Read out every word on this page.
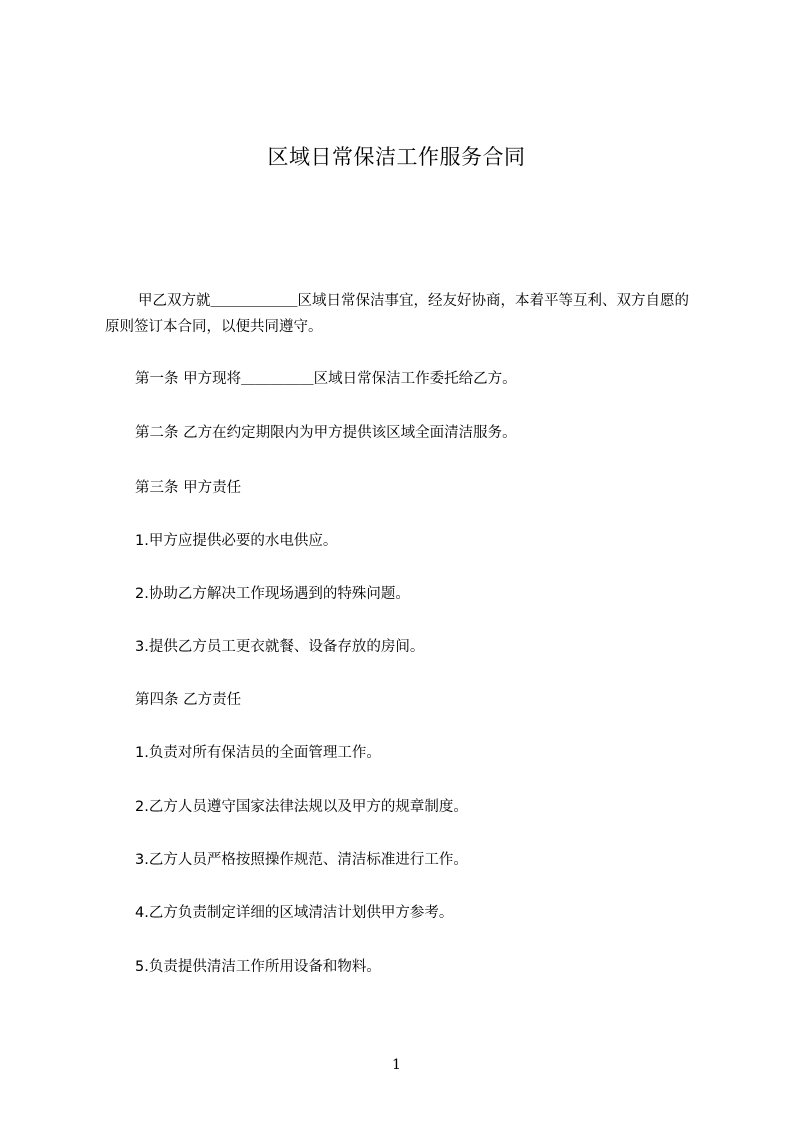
区域日常保洁工作服务合同

甲乙双方就＿＿＿＿＿＿区域日常保洁事宜，经友好协商，本着平等互利、双方自愿的原则签订本合同，以便共同遵守。

第一条 甲方现将＿＿＿＿＿区域日常保洁工作委托给乙方。

第二条 乙方在约定期限内为甲方提供该区域全面清洁服务。

第三条 甲方责任

1.甲方应提供必要的水电供应。

2.协助乙方解决工作现场遇到的特殊问题。

3.提供乙方员工更衣就餐、设备存放的房间。

第四条 乙方责任

1.负责对所有保洁员的全面管理工作。

2.乙方人员遵守国家法律法规以及甲方的规章制度。

3.乙方人员严格按照操作规范、清洁标准进行工作。

4.乙方负责制定详细的区域清洁计划供甲方参考。

5.负责提供清洁工作所用设备和物料。

1
